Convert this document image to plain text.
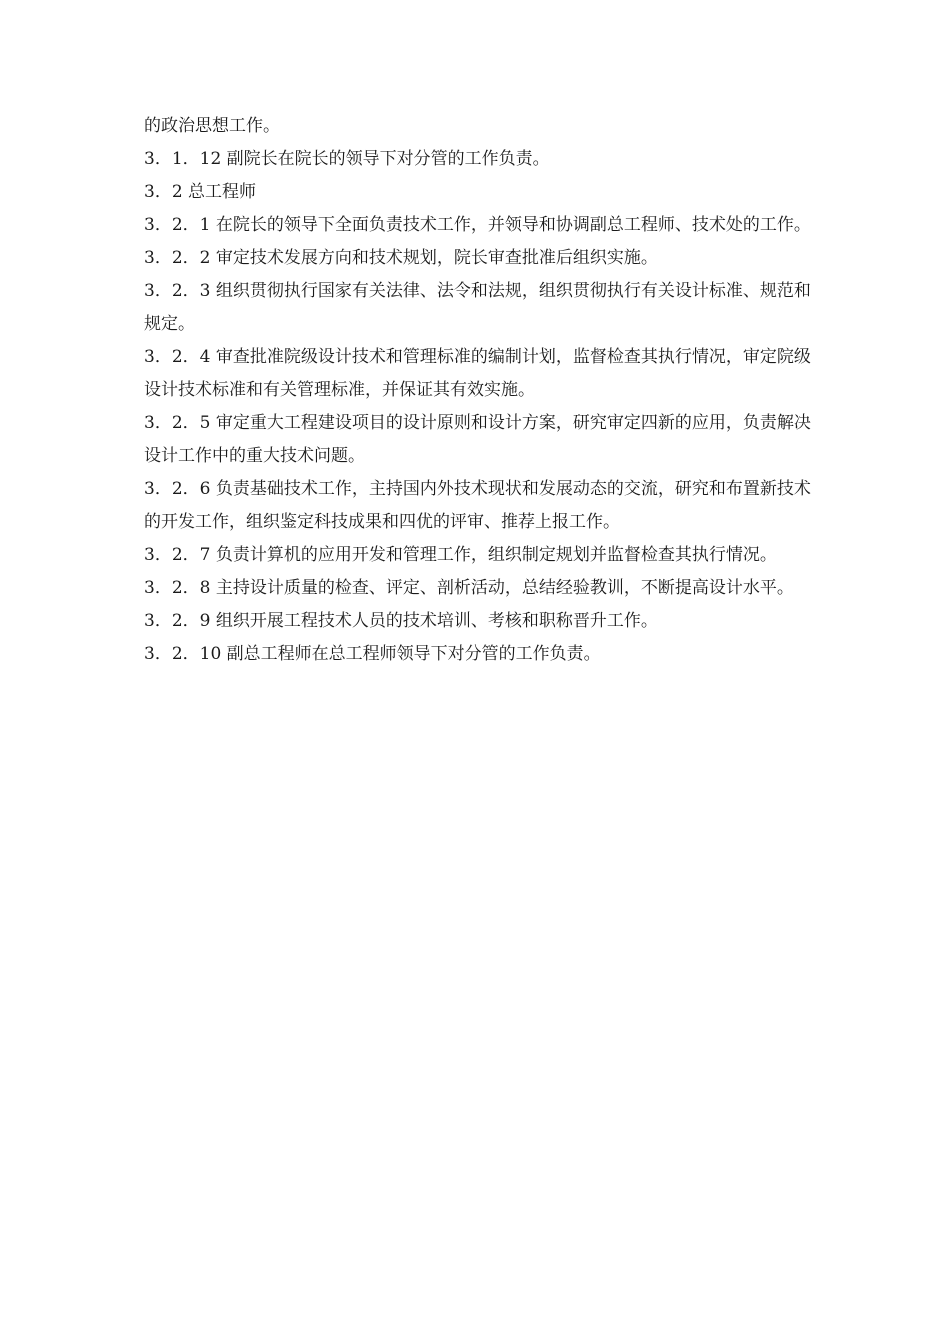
的政治思想工作。

3．1．12 副院长在院长的领导下对分管的工作负责。

3．2 总工程师

3．2．1 在院长的领导下全面负责技术工作，并领导和协调副总工程师、技术处的工作。

3．2．2 审定技术发展方向和技术规划，院长审查批准后组织实施。

3．2．3 组织贯彻执行国家有关法律、法令和法规，组织贯彻执行有关设计标准、规范和规定。

3．2．4 审查批准院级设计技术和管理标准的编制计划，监督检查其执行情况，审定院级设计技术标准和有关管理标准，并保证其有效实施。

3．2．5 审定重大工程建设项目的设计原则和设计方案，研究审定四新的应用，负责解决设计工作中的重大技术问题。

3．2．6 负责基础技术工作，主持国内外技术现状和发展动态的交流，研究和布置新技术的开发工作，组织鉴定科技成果和四优的评审、推荐上报工作。

3．2．7 负责计算机的应用开发和管理工作，组织制定规划并监督检查其执行情况。

3．2．8 主持设计质量的检查、评定、剖析活动，总结经验教训，不断提高设计水平。

3．2．9 组织开展工程技术人员的技术培训、考核和职称晋升工作。

3．2．10 副总工程师在总工程师领导下对分管的工作负责。
